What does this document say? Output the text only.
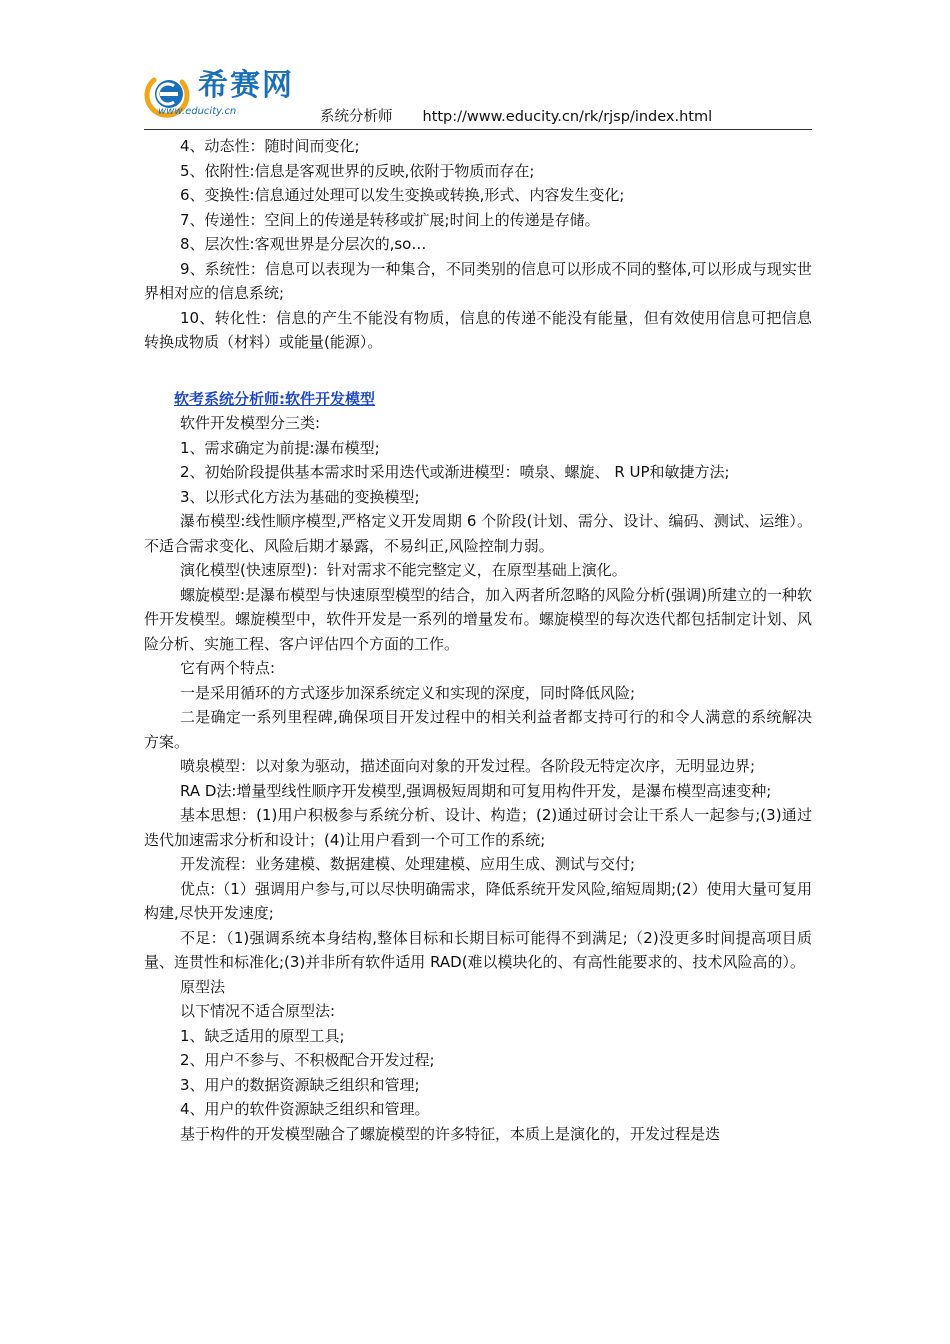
希赛网
www.educity.cn	系统分析师 http://www.educity.cn/rk/rjsp/index.html

4、动态性：随时间而变化;

5、依附性:信息是客观世界的反映,依附于物质而存在;

6、变换性:信息通过处理可以发生变换或转换,形式、内容发生变化;

7、传递性：空间上的传递是转移或扩展;时间上的传递是存储。

8、层次性:客观世界是分层次的,so…

9、系统性：信息可以表现为一种集合，不同类别的信息可以形成不同的整体,可以形成与现实世界相对应的信息系统;

10、转化性：信息的产生不能没有物质，信息的传递不能没有能量，但有效使用信息可把信息转换成物质（材料）或能量(能源）。

软考系统分析师:软件开发模型

软件开发模型分三类:

1、需求确定为前提:瀑布模型;

2、初始阶段提供基本需求时采用迭代或渐进模型：喷泉、螺旋、 R UP和敏捷方法;

3、以形式化方法为基础的变换模型;

瀑布模型:线性顺序模型,严格定义开发周期 6 个阶段(计划、需分、设计、编码、测试、运维）。不适合需求变化、风险后期才暴露，不易纠正,风险控制力弱。

演化模型(快速原型)：针对需求不能完整定义，在原型基础上演化。

螺旋模型:是瀑布模型与快速原型模型的结合，加入两者所忽略的风险分析(强调)所建立的一种软件开发模型。螺旋模型中，软件开发是一系列的增量发布。螺旋模型的每次迭代都包括制定计划、风险分析、实施工程、客户评估四个方面的工作。

它有两个特点:

一是采用循环的方式逐步加深系统定义和实现的深度，同时降低风险;

二是确定一系列里程碑,确保项目开发过程中的相关利益者都支持可行的和令人满意的系统解决方案。

喷泉模型：以对象为驱动，描述面向对象的开发过程。各阶段无特定次序，无明显边界;

RA D法:增量型线性顺序开发模型,强调极短周期和可复用构件开发，是瀑布模型高速变种;

基本思想：(1)用户积极参与系统分析、设计、构造；(2)通过研讨会让干系人一起参与;(3)通过迭代加速需求分析和设计；(4)让用户看到一个可工作的系统;

开发流程：业务建模、数据建模、处理建模、应用生成、测试与交付;

优点:（1）强调用户参与,可以尽快明确需求，降低系统开发风险,缩短周期;(2）使用大量可复用构建,尽快开发速度;

不足：（1)强调系统本身结构,整体目标和长期目标可能得不到满足;（2)没更多时间提高项目质量、连贯性和标准化;(3)并非所有软件适用 RAD(难以模块化的、有高性能要求的、技术风险高的）。

原型法

以下情况不适合原型法:

1、缺乏适用的原型工具;

2、用户不参与、不积极配合开发过程;

3、用户的数据资源缺乏组织和管理;

4、用户的软件资源缺乏组织和管理。

基于构件的开发模型融合了螺旋模型的许多特征，本质上是演化的，开发过程是迭
